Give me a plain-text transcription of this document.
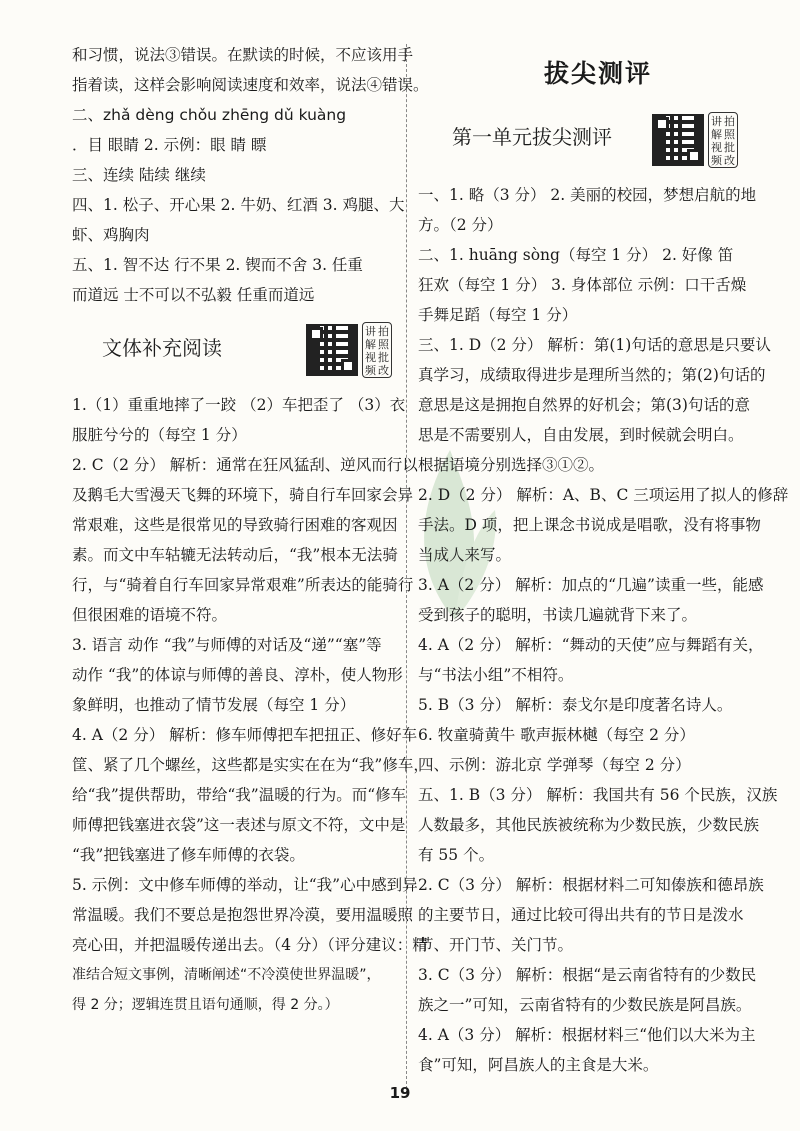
和习惯，说法③错误。在默读的时候，不应该用手
指着读，这样会影响阅读速度和效率，说法④错误。
二、zhǎ dèng chǒu zhēng dǔ kuàng
．目 眼睛 2. 示例：眼 睛 瞟
三、连续 陆续 继续
四、1. 松子、开心果 2. 牛奶、红酒 3. 鸡腿、大
虾、鸡胸肉
五、1. 智不达 行不果 2. 锲而不舍 3. 任重
而道远 士不可以不弘毅 任重而道远
文体补充阅读
讲 拍
解 照
视 批
频 改
1.（1）重重地摔了一跤 （2）车把歪了 （3）衣
服脏兮兮的（每空 1 分）
2. C（2 分） 解析：通常在狂风猛刮、逆风而行以
及鹅毛大雪漫天飞舞的环境下，骑自行车回家会异
常艰难，这些是很常见的导致骑行困难的客观因
素。而文中车轱辘无法转动后，“我”根本无法骑
行，与“骑着自行车回家异常艰难”所表达的能骑行
但很困难的语境不符。
3. 语言 动作 “我”与师傅的对话及“递”“塞”等
动作 “我”的体谅与师傅的善良、淳朴，使人物形
象鲜明，也推动了情节发展（每空 1 分）
4. A（2 分） 解析：修车师傅把车把扭正、修好车
筐、紧了几个螺丝，这些都是实实在在为“我”修车，
给“我”提供帮助，带给“我”温暖的行为。而“修车
师傅把钱塞进衣袋”这一表述与原文不符，文中是
“我”把钱塞进了修车师傅的衣袋。
5. 示例：文中修车师傅的举动，让“我”心中感到异
常温暖。我们不要总是抱怨世界冷漠，要用温暖照
亮心田，并把温暖传递出去。（4 分）（评分建议：精
准结合短文事例，清晰阐述“不冷漠使世界温暖”，
得 2 分；逻辑连贯且语句通顺，得 2 分。）
拔尖测评
第一单元拔尖测评
讲 拍
解 照
视 批
频 改
一、1. 略（3 分） 2. 美丽的校园，梦想启航的地
方。（2 分）
二、1. huāng sòng（每空 1 分） 2. 好像 笛
狂欢（每空 1 分） 3. 身体部位 示例：口干舌燥
手舞足蹈（每空 1 分）
三、1. D（2 分） 解析：第(1)句话的意思是只要认
真学习，成绩取得进步是理所当然的；第(2)句话的
意思是这是拥抱自然界的好机会；第(3)句话的意
思是不需要别人，自由发展，到时候就会明白。
根据语境分别选择③①②。
2. D（2 分） 解析：A、B、C 三项运用了拟人的修辞
手法。D 项，把上课念书说成是唱歌，没有将事物
当成人来写。
3. A（2 分） 解析：加点的“几遍”读重一些，能感
受到孩子的聪明，书读几遍就背下来了。
4. A（2 分） 解析：“舞动的天使”应与舞蹈有关，
与“书法小组”不相符。
5. B（3 分） 解析：泰戈尔是印度著名诗人。
6. 牧童骑黄牛 歌声振林樾（每空 2 分）
四、示例：游北京 学弹琴（每空 2 分）
五、1. B（3 分） 解析：我国共有 56 个民族，汉族
人数最多，其他民族被统称为少数民族，少数民族
有 55 个。
2. C（3 分） 解析：根据材料二可知傣族和德昂族
的主要节日，通过比较可得出共有的节日是泼水
节、开门节、关门节。
3. C（3 分） 解析：根据“是云南省特有的少数民
族之一”可知，云南省特有的少数民族是阿昌族。
4. A（3 分） 解析：根据材料三“他们以大米为主
食”可知，阿昌族人的主食是大米。
19
